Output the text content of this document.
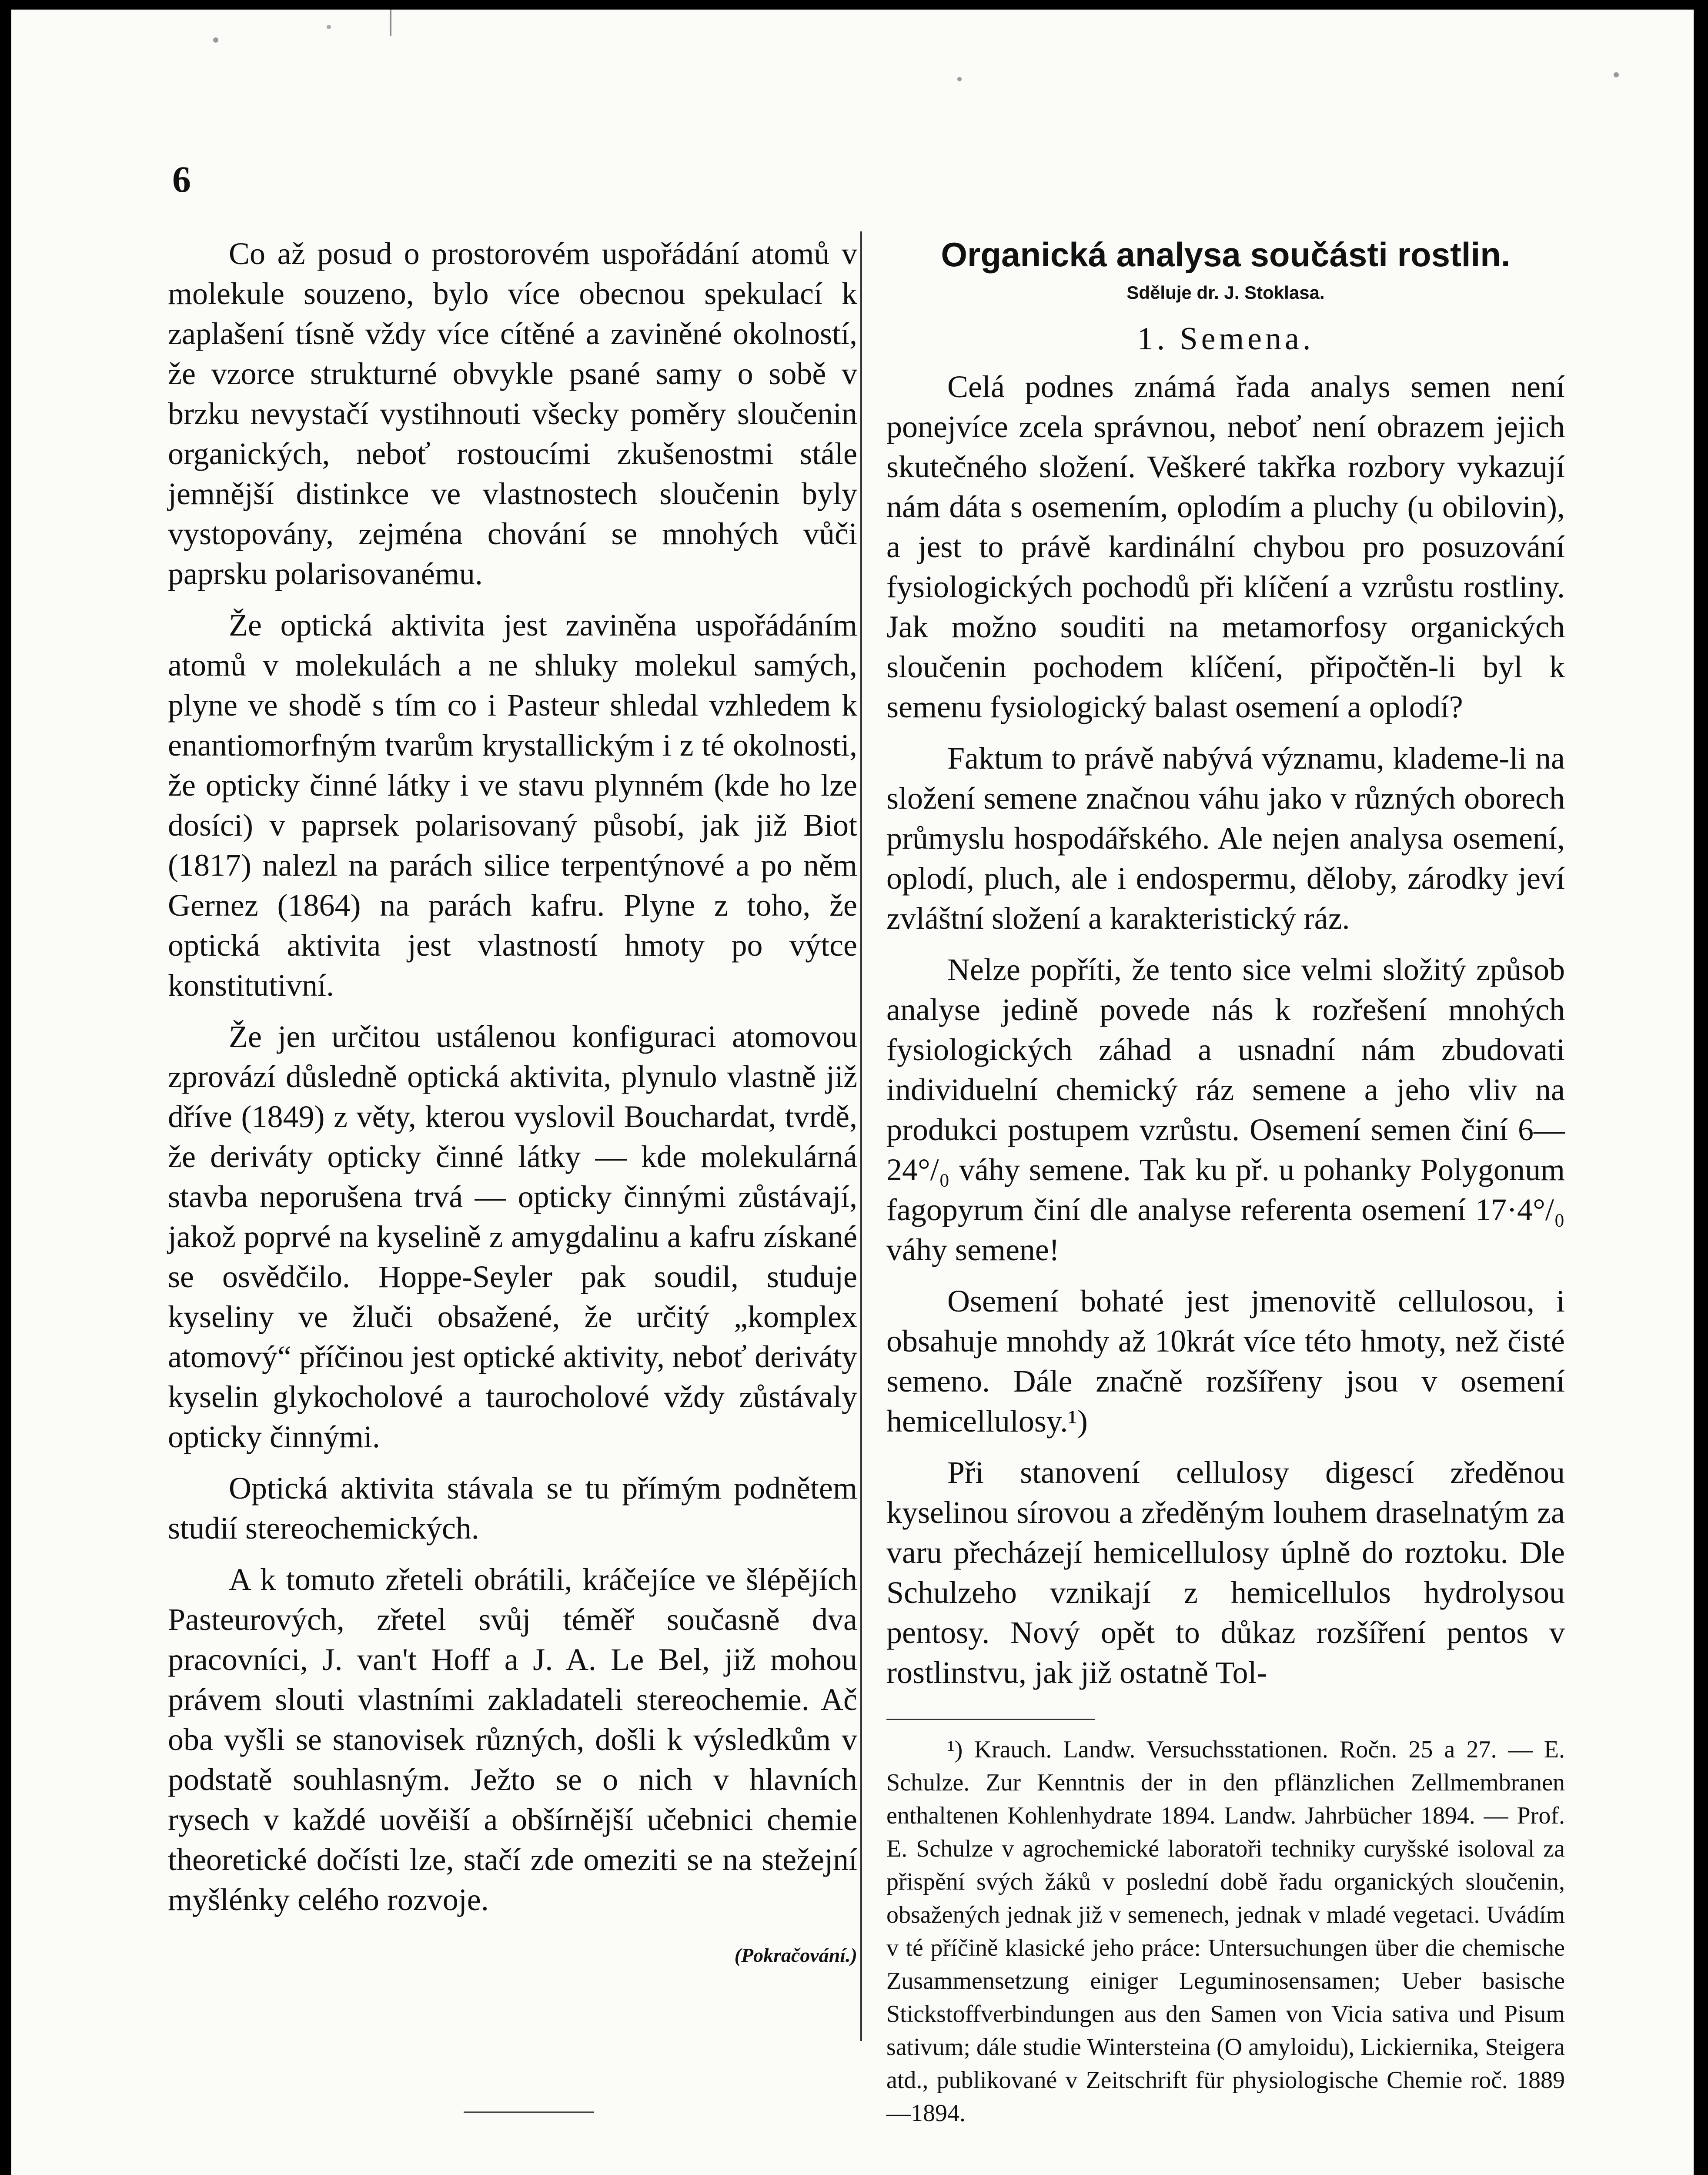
6

Co až posud o prostorovém uspořádání atomů v molekule souzeno, bylo více obecnou spekulací k zaplašení tísně vždy více cítěné a zaviněné okolností, že vzorce strukturné obvykle psané samy o sobě v brzku nevystačí vystihnouti všecky poměry sloučenin organických, neboť rostoucími zkušenostmi stále jemnější distinkce ve vlastnostech sloučenin byly vystopovány, zejména chování se mnohých vůči paprsku polarisovanému.

Že optická aktivita jest zaviněna uspořádáním atomů v molekulách a ne shluky molekul samých, plyne ve shodě s tím co i Pasteur shledal vzhledem k enantiomorfným tvarům krystallickým i z té okolnosti, že opticky činné látky i ve stavu plynném (kde ho lze dosíci) v paprsek polarisovaný působí, jak již Biot (1817) nalezl na parách silice terpentýnové a po něm Gernez (1864) na parách kafru. Plyne z toho, že optická aktivita jest vlastností hmoty po výtce konstitutivní.

Že jen určitou ustálenou konfiguraci atomovou zprovází důsledně optická aktivita, plynulo vlastně již dříve (1849) z věty, kterou vyslovil Bouchardat, tvrdě, že deriváty opticky činné látky — kde molekulárná stavba neporušena trvá — opticky činnými zůstávají, jakož poprvé na kyselině z amygdalinu a kafru získané se osvědčilo. Hoppe-Seyler pak soudil, studuje kyseliny ve žluči obsažené, že určitý „komplex atomový“ příčinou jest optické aktivity, neboť deriváty kyselin glykocholové a taurocholové vždy zůstávaly opticky činnými.

Optická aktivita stávala se tu přímým podnětem studií stereochemických.

A k tomuto zřeteli obrátili, kráčejíce ve šlépějích Pasteurových, zřetel svůj téměř současně dva pracovníci, J. van't Hoff a J. A. Le Bel, již mohou právem slouti vlastními zakladateli stereochemie. Ač oba vyšli se stanovisek různých, došli k výsledkům v podstatě souhlasným. Ježto se o nich v hlavních rysech v každé uověiší a obšírnější učebnici chemie theoretické dočísti lze, stačí zde omeziti se na stežejní myšlénky celého rozvoje.

(Pokračování.)
Organická analysa součásti rostlin.
Sděluje dr. J. Stoklasa.
1. Semena.

Celá podnes známá řada analys semen není ponejvíce zcela správnou, neboť není obrazem jejich skutečného složení. Veškeré takřka rozbory vykazují nám dáta s osemením, oplodím a pluchy (u obilovin), a jest to právě kardinální chybou pro posuzování fysiologických pochodů při klíčení a vzrůstu rostliny. Jak možno souditi na metamorfosy organických sloučenin pochodem klíčení, připočtěn-li byl k semenu fysiologický balast osemení a oplodí?

Faktum to právě nabývá významu, klademe-li na složení semene značnou váhu jako v různých oborech průmyslu hospodářského. Ale nejen analysa osemení, oplodí, pluch, ale i endospermu, děloby, zárodky jeví zvláštní složení a karakteristický ráz.

Nelze popříti, že tento sice velmi složitý způsob analyse jedině povede nás k rozřešení mnohých fysiologických záhad a usnadní nám zbudovati individuelní chemický ráz semene a jeho vliv na produkci postupem vzrůstu. Osemení semen činí 6—24°/₀ váhy semene. Tak ku př. u pohanky Polygonum fagopyrum činí dle analyse referenta osemení 17·4°/₀ váhy semene!

Osemení bohaté jest jmenovitě cellulosou, i obsahuje mnohdy až 10krát více této hmoty, než čisté semeno. Dále značně rozšířeny jsou v osemení hemicellulosy.¹)

Při stanovení cellulosy digescí zředěnou kyselinou sírovou a zředěným louhem draselnatým za varu přecházejí hemicellulosy úplně do roztoku. Dle Schulzeho vznikají z hemicellulos hydrolysou pentosy. Nový opět to důkaz rozšíření pentos v rostlinstvu, jak již ostatně Tol-

¹) Krauch. Landw. Versuchsstationen. Ročn. 25 a 27. — E. Schulze. Zur Kenntnis der in den pflänzlichen Zellmembranen enthaltenen Kohlenhydrate 1894. Landw. Jahrbücher 1894. — Prof. E. Schulze v agrochemické laboratoři techniky curyšské isoloval za přispění svých žáků v poslední době řadu organických sloučenin, obsažených jednak již v semenech, jednak v mladé vegetaci. Uvádím v té příčině klasické jeho práce: Untersuchungen über die chemische Zusammensetzung einiger Leguminosensamen; Ueber basische Stickstoffverbindungen aus den Samen von Vicia sativa und Pisum sativum; dále studie Wintersteina (O amyloidu), Lickiernika, Steigera atd., publikované v Zeitschrift für physiologische Chemie roč. 1889—1894.
